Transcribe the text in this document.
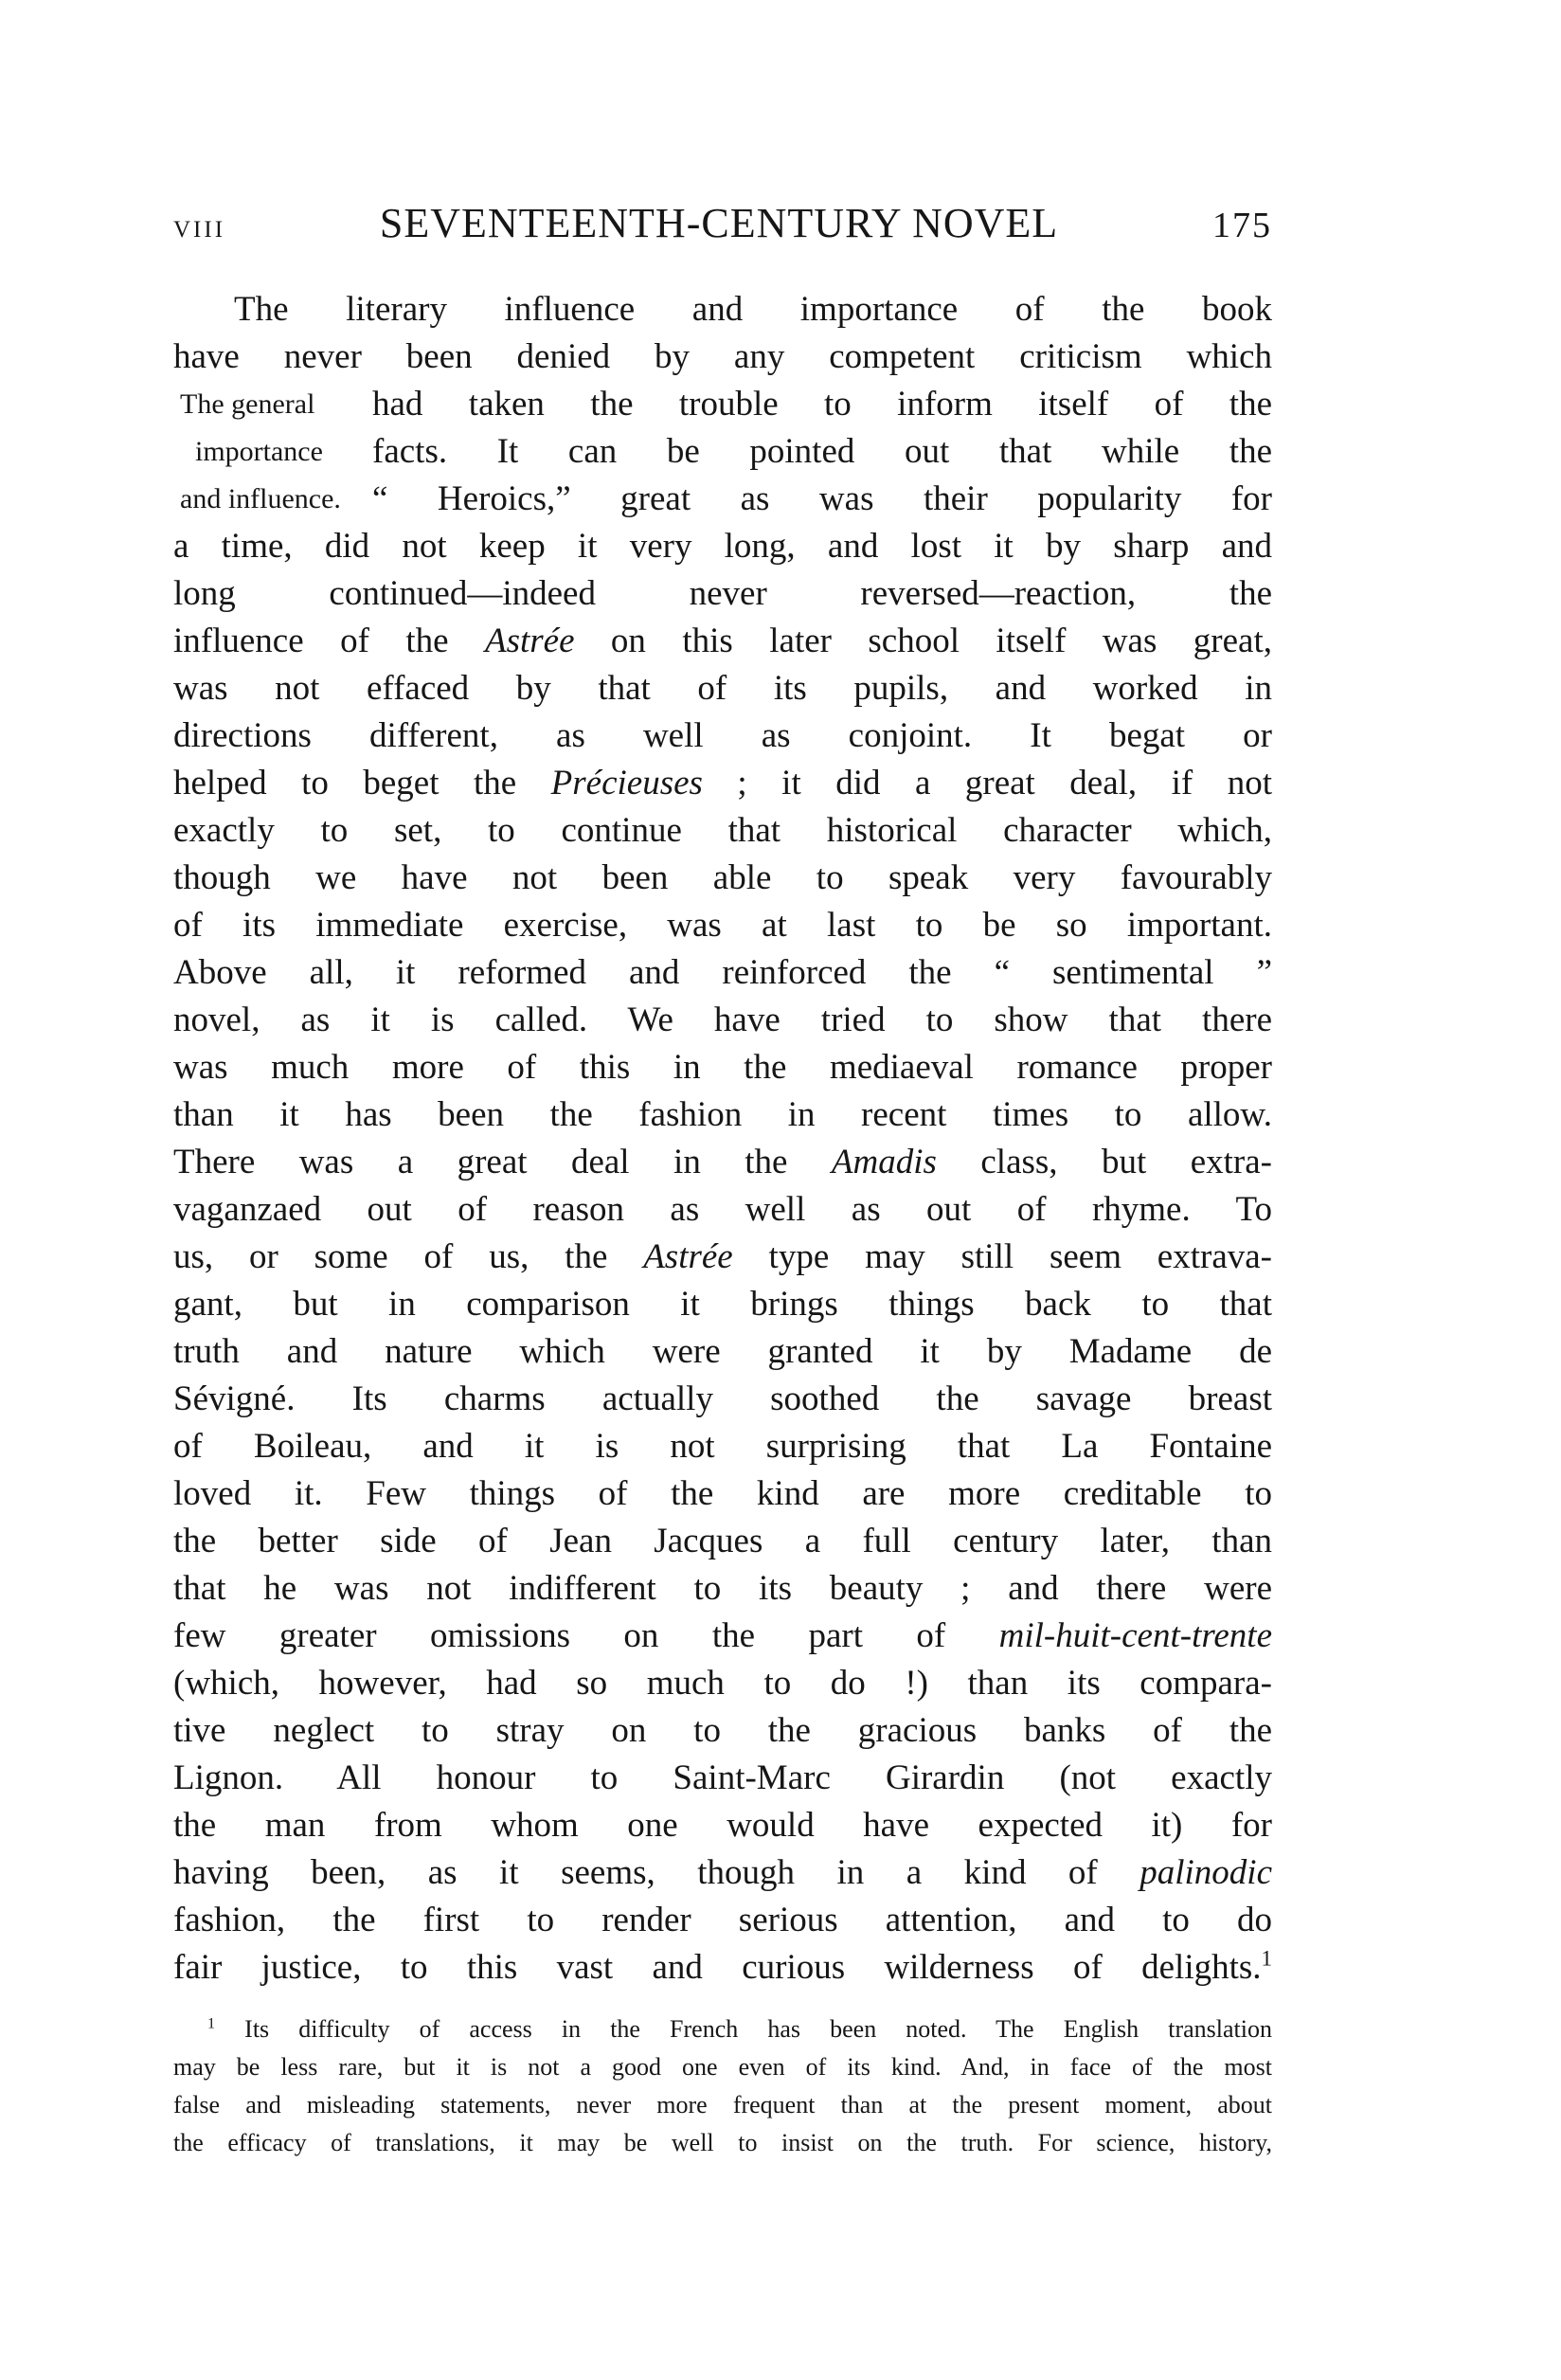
VIII	SEVENTEENTH-CENTURY NOVEL	175
The general
importance
and influence.
The literary influence and importance of the book
have never been denied by any competent criticism which
had taken the trouble to inform itself of the
facts. It can be pointed out that while the
“ Heroics,” great as was their popularity for
a time, did not keep it very long, and lost it by sharp and
long continued—indeed never reversed—reaction, the
influence of the Astrée on this later school itself was great,
was not effaced by that of its pupils, and worked in
directions different, as well as conjoint. It begat or
helped to beget the Précieuses ; it did a great deal, if not
exactly to set, to continue that historical character which,
though we have not been able to speak very favourably
of its immediate exercise, was at last to be so important.
Above all, it reformed and reinforced the “ sentimental ”
novel, as it is called. We have tried to show that there
was much more of this in the mediaeval romance proper
than it has been the fashion in recent times to allow.
There was a great deal in the Amadis class, but extra-
vaganzaed out of reason as well as out of rhyme. To
us, or some of us, the Astrée type may still seem extrava-
gant, but in comparison it brings things back to that
truth and nature which were granted it by Madame de
Sévigné. Its charms actually soothed the savage breast
of Boileau, and it is not surprising that La Fontaine
loved it. Few things of the kind are more creditable to
the better side of Jean Jacques a full century later, than
that he was not indifferent to its beauty ; and there were
few greater omissions on the part of mil-huit-cent-trente
(which, however, had so much to do !) than its compara-
tive neglect to stray on to the gracious banks of the
Lignon. All honour to Saint-Marc Girardin (not exactly
the man from whom one would have expected it) for
having been, as it seems, though in a kind of palinodic
fashion, the first to render serious attention, and to do
fair justice, to this vast and curious wilderness of delights.$^1$
$^1$ Its difficulty of access in the French has been noted. The English translation
may be less rare, but it is not a good one even of its kind. And, in face of the most
false and misleading statements, never more frequent than at the present moment, about
the efficacy of translations, it may be well to insist on the truth. For science, history,
